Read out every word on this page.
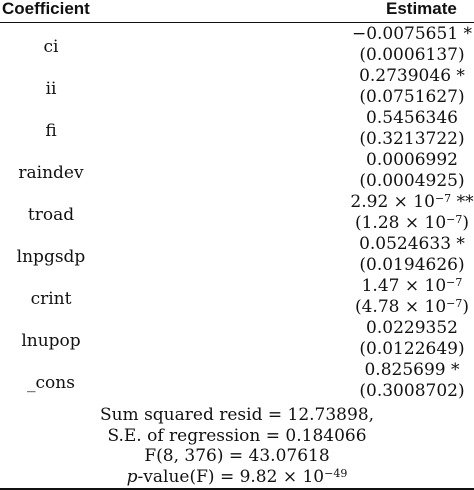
Coefficient	Estimate
ci
−0.0075651 *
(0.0006137)
ii
0.2739046 *
(0.0751627)
fi
0.5456346
(0.3213722)
raindev
0.0006992
(0.0004925)
troad
$2.92 \times 10^{-7}$ **
$(1.28 \times 10^{-7})$
lnpgsdp
0.0524633 *
(0.0194626)
crint
$1.47 \times 10^{-7}$
$(4.78 \times 10^{-7})$
lnupop
0.0229352
(0.0122649)
_cons
0.825699 *
(0.3008702)
Sum squared resid = 12.73898,
S.E. of regression = 0.184066
F(8, 376) = 43.07618
p-value(F) = $9.82 \times 10^{-49}$
